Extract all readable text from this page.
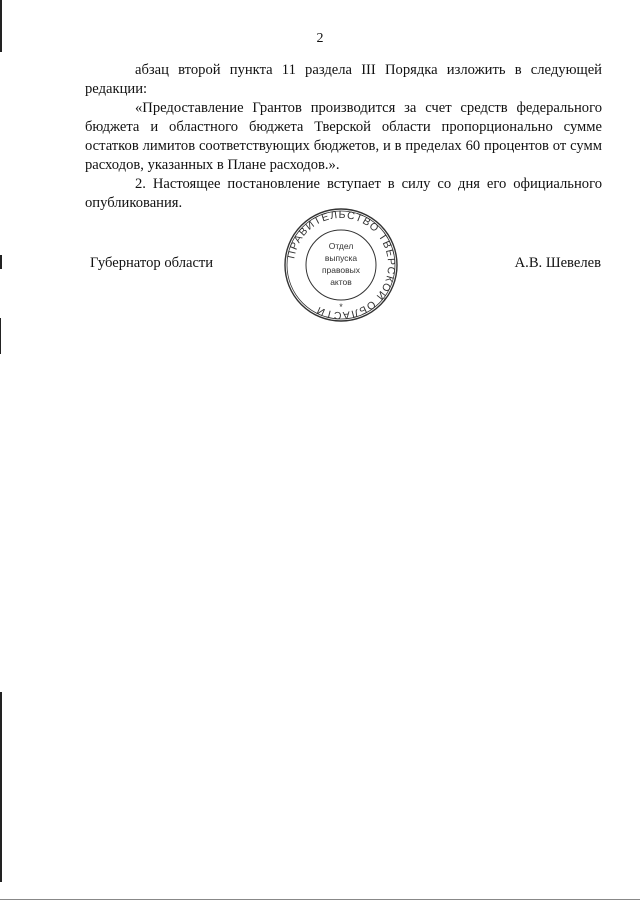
2

абзац второй пункта 11 раздела III Порядка изложить в следующей редакции:

«Предоставление Грантов производится за счет средств федерального бюджета и областного бюджета Тверской области пропорционально сумме остатков лимитов соответствующих бюджетов, и в пределах 60 процентов от сумм расходов, указанных в Плане расходов.».

2. Настоящее постановление вступает в силу со дня его официального опубликования.

Губернатор области	А.В. Шевелев
ПРАВИТЕЛЬСТВО ТВЕРСКОЙ ОБЛАСТИ
Отдел
выпуска
правовых
актов
*
